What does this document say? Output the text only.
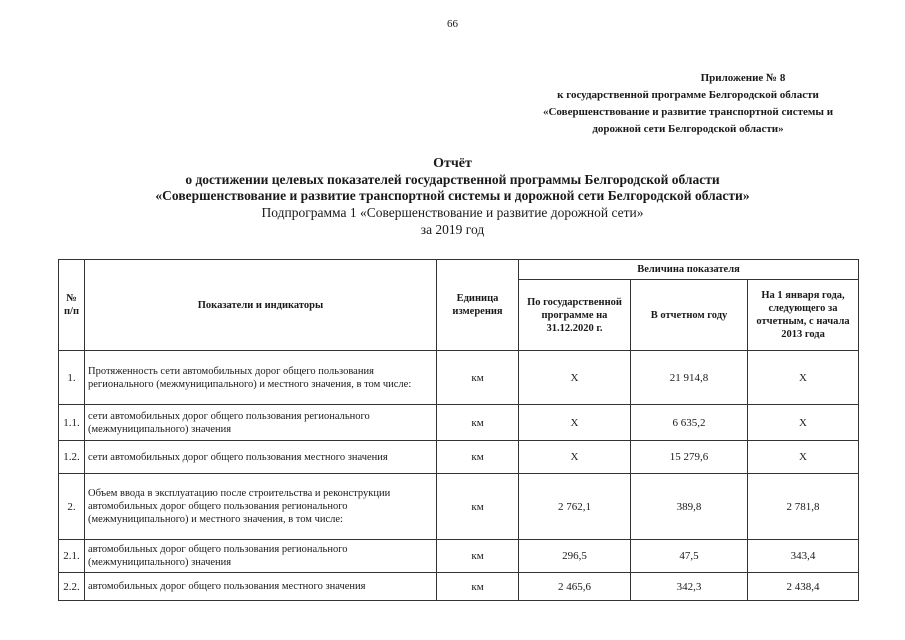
66
Приложение № 8
к государственной программе Белгородской области
«Совершенствование и развитие транспортной системы и
дорожной сети Белгородской области»
Отчёт
о достижении целевых показателей государственной программы Белгородской области
«Совершенствование и развитие транспортной системы и дорожной сети Белгородской области»
Подпрограмма 1 «Совершенствование и развитие дорожной сети»
за 2019 год
№ п/п	Показатели и индикаторы	Единица измерения	Величина показателя		
			По государственной программе на 31.12.2020 г.	В отчетном году	На 1 января года, следующего за отчетным, с начала 2013 года
1.	Протяженность сети автомобильных дорог общего пользования регионального (межмуниципального) и местного значения, в том числе:	км	Х	21 914,8	Х
1.1.	сети автомобильных дорог общего пользования регионального (межмуниципального) значения	км	Х	6 635,2	Х
1.2.	сети автомобильных дорог общего пользования местного значения	км	Х	15 279,6	Х
2.	Объем ввода в эксплуатацию после строительства и реконструкции автомобильных дорог общего пользования регионального (межмуниципального) и местного значения, в том числе:	км	2 762,1	389,8	2 781,8
2.1.	автомобильных дорог общего пользования регионального (межмуниципального) значения	км	296,5	47,5	343,4
2.2.	автомобильных дорог общего пользования местного значения	км	2 465,6	342,3	2 438,4
